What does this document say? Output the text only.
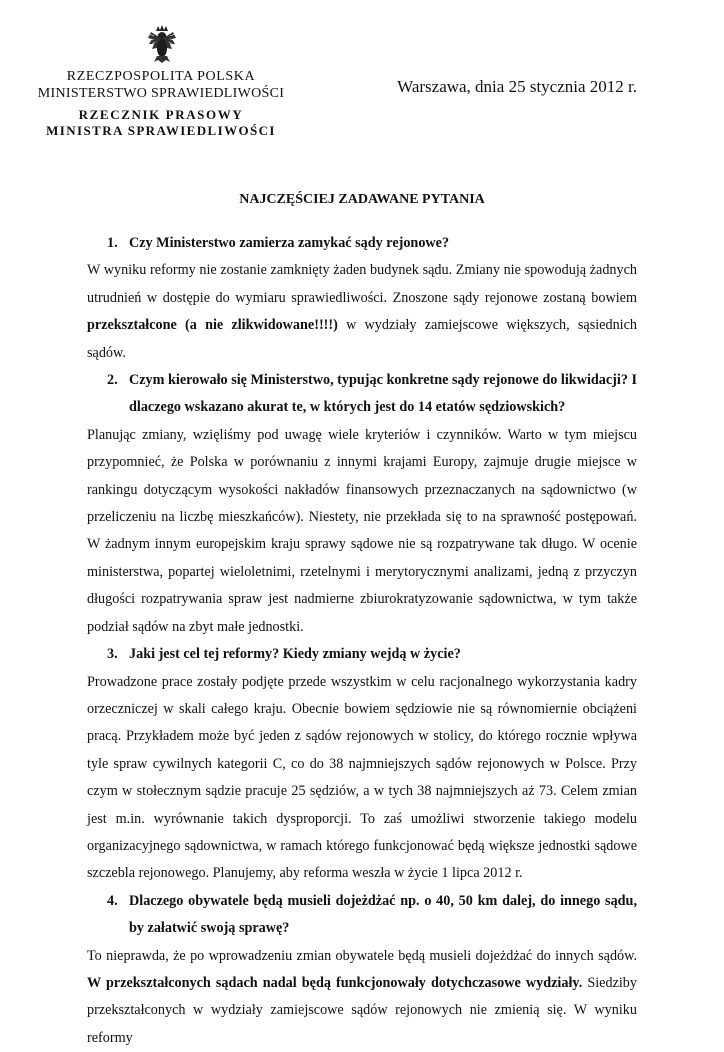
RZECZPOSPOLITA POLSKA
MINISTERSTWO SPRAWIEDLIWOŚCI
RZECZNIK PRASOWY
MINISTRA SPRAWIEDLIWOŚCI
Warszawa, dnia 25 stycznia 2012 r.
NAJCZĘŚCIEJ ZADAWANE PYTANIA

1. Czy Ministerstwo zamierza zamykać sądy rejonowe?

W wyniku reformy nie zostanie zamknięty żaden budynek sądu. Zmiany nie spowodują żadnych utrudnień w dostępie do wymiaru sprawiedliwości. Znoszone sądy rejonowe zostaną bowiem przekształcone (a nie zlikwidowane!!!!) w wydziały zamiejscowe większych, sąsiednich sądów.

2. Czym kierowało się Ministerstwo, typując konkretne sądy rejonowe do likwidacji? I dlaczego wskazano akurat te, w których jest do 14 etatów sędziowskich?

Planując zmiany, wzięliśmy pod uwagę wiele kryteriów i czynników. Warto w tym miejscu przypomnieć, że Polska w porównaniu z innymi krajami Europy, zajmuje drugie miejsce w rankingu dotyczącym wysokości nakładów finansowych przeznaczanych na sądownictwo (w przeliczeniu na liczbę mieszkańców). Niestety, nie przekłada się to na sprawność postępowań. W żadnym innym europejskim kraju sprawy sądowe nie są rozpatrywane tak długo. W ocenie ministerstwa, popartej wieloletnimi, rzetelnymi i merytorycznymi analizami, jedną z przyczyn długości rozpatrywania spraw jest nadmierne zbiurokratyzowanie sądownictwa, w tym także podział sądów na zbyt małe jednostki.

3. Jaki jest cel tej reformy? Kiedy zmiany wejdą w życie?

Prowadzone prace zostały podjęte przede wszystkim w celu racjonalnego wykorzystania kadry orzeczniczej w skali całego kraju. Obecnie bowiem sędziowie nie są równomiernie obciążeni pracą. Przykładem może być jeden z sądów rejonowych w stolicy, do którego rocznie wpływa tyle spraw cywilnych kategorii C, co do 38 najmniejszych sądów rejonowych w Polsce. Przy czym w stołecznym sądzie pracuje 25 sędziów, a w tych 38 najmniejszych aż 73. Celem zmian jest m.in. wyrównanie takich dysproporcji. To zaś umożliwi stworzenie takiego modelu organizacyjnego sądownictwa, w ramach którego funkcjonować będą większe jednostki sądowe szczebla rejonowego. Planujemy, aby reforma weszła w życie 1 lipca 2012 r.

4. Dlaczego obywatele będą musieli dojeżdżać np. o 40, 50 km dalej, do innego sądu, by załatwić swoją sprawę?

To nieprawda, że po wprowadzeniu zmian obywatele będą musieli dojeżdżać do innych sądów. W przekształconych sądach nadal będą funkcjonowały dotychczasowe wydziały. Siedziby przekształconych w wydziały zamiejscowe sądów rejonowych nie zmienią się. W wyniku reformy
